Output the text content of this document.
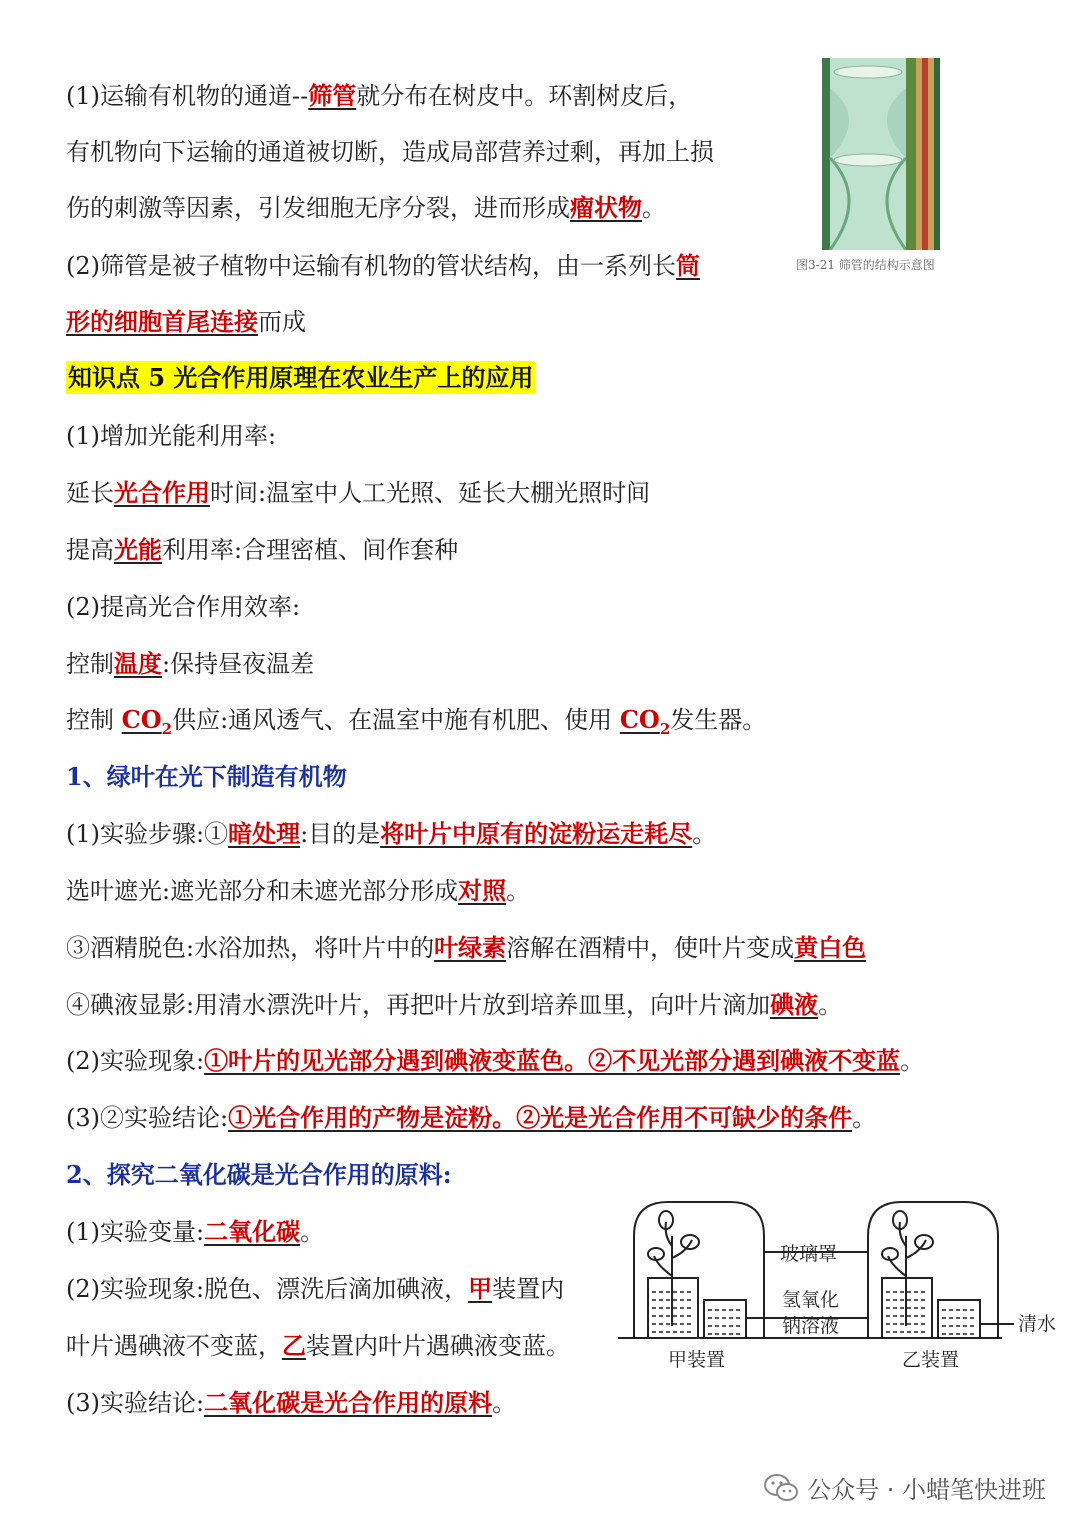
图3-21 筛管的结构示意图
(1)运输有机物的通道--筛管就分布在树皮中。环割树皮后，
有机物向下运输的通道被切断，造成局部营养过剩，再加上损
伤的刺激等因素，引发细胞无序分裂，进而形成瘤状物。
(2)筛管是被子植物中运输有机物的管状结构，由一系列长筒
形的细胞首尾连接而成
知识点 5 光合作用原理在农业生产上的应用
(1)增加光能利用率:
延长光合作用时间:温室中人工光照、延长大棚光照时间
提高光能利用率:合理密植、间作套种
(2)提高光合作用效率:
控制温度:保持昼夜温差
控制 $CO_2$供应:通风透气、在温室中施有机肥、使用 $CO_2$发生器。
1、绿叶在光下制造有机物
(1)实验步骤:①暗处理:目的是将叶片中原有的淀粉运走耗尽。
选叶遮光:遮光部分和未遮光部分形成对照。
③酒精脱色:水浴加热，将叶片中的叶绿素溶解在酒精中，使叶片变成黄白色
④碘液显影:用清水漂洗叶片，再把叶片放到培养皿里，向叶片滴加碘液。
(2)实验现象:①叶片的见光部分遇到碘液变蓝色。②不见光部分遇到碘液不变蓝。
(3)②实验结论:①光合作用的产物是淀粉。②光是光合作用不可缺少的条件。
2、探究二氧化碳是光合作用的原料:
(1)实验变量:二氧化碳。
(2)实验现象:脱色、漂洗后滴加碘液，甲装置内
叶片遇碘液不变蓝，乙装置内叶片遇碘液变蓝。
(3)实验结论:二氧化碳是光合作用的原料。
玻璃罩
氢氧化
钠溶液	清水
甲装置	乙装置
公众号 · 小蜡笔快进班
